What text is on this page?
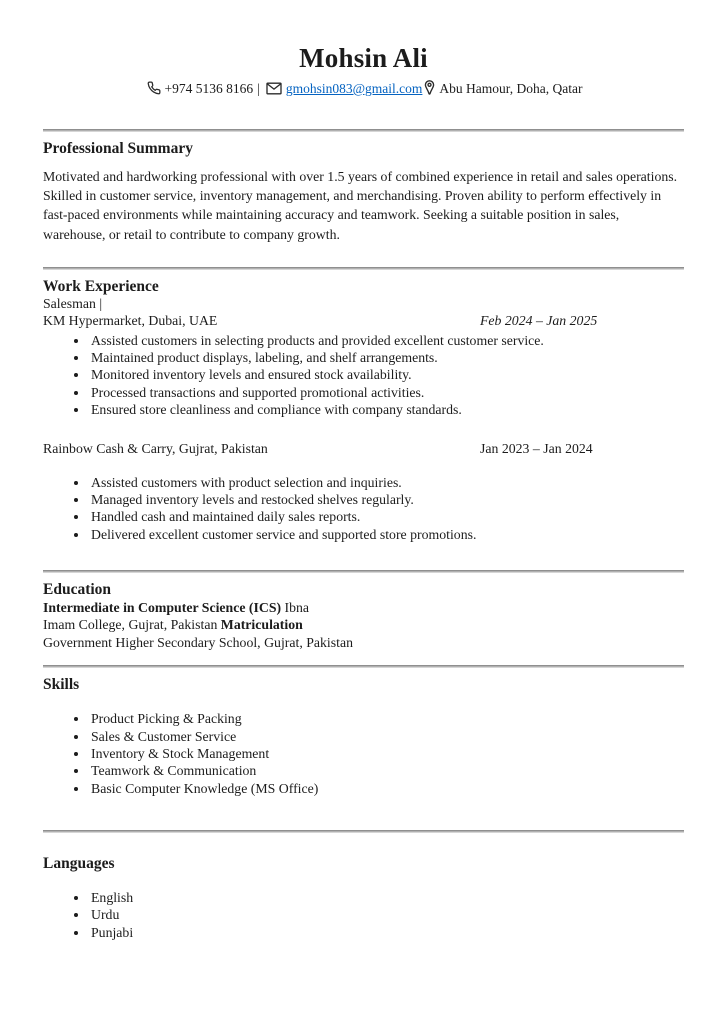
Mohsin Ali
+974 5136 8166 | gmohsin083@gmail.com Abu Hamour, Doha, Qatar
Professional Summary

Motivated and hardworking professional with over 1.5 years of combined experience in retail and sales operations. Skilled in customer service, inventory management, and merchandising. Proven ability to perform effectively in fast-paced environments while maintaining accuracy and teamwork. Seeking a suitable position in sales, warehouse, or retail to contribute to company growth.

Work Experience
Salesman |
KM Hypermarket, Dubai, UAE	Feb 2024 – Jan 2025
• Assisted customers in selecting products and provided excellent customer service.
• Maintained product displays, labeling, and shelf arrangements.
• Monitored inventory levels and ensured stock availability.
• Processed transactions and supported promotional activities.
• Ensured store cleanliness and compliance with company standards.
Rainbow Cash & Carry, Gujrat, Pakistan	Jan 2023 – Jan 2024
• Assisted customers with product selection and inquiries.
• Managed inventory levels and restocked shelves regularly.
• Handled cash and maintained daily sales reports.
• Delivered excellent customer service and supported store promotions.
Education
Intermediate in Computer Science (ICS) Ibna
Imam College, Gujrat, Pakistan Matriculation
Government Higher Secondary School, Gujrat, Pakistan
Skills
• Product Picking & Packing
• Sales & Customer Service
• Inventory & Stock Management
• Teamwork & Communication
• Basic Computer Knowledge (MS Office)
Languages
• English
• Urdu
• Punjabi
